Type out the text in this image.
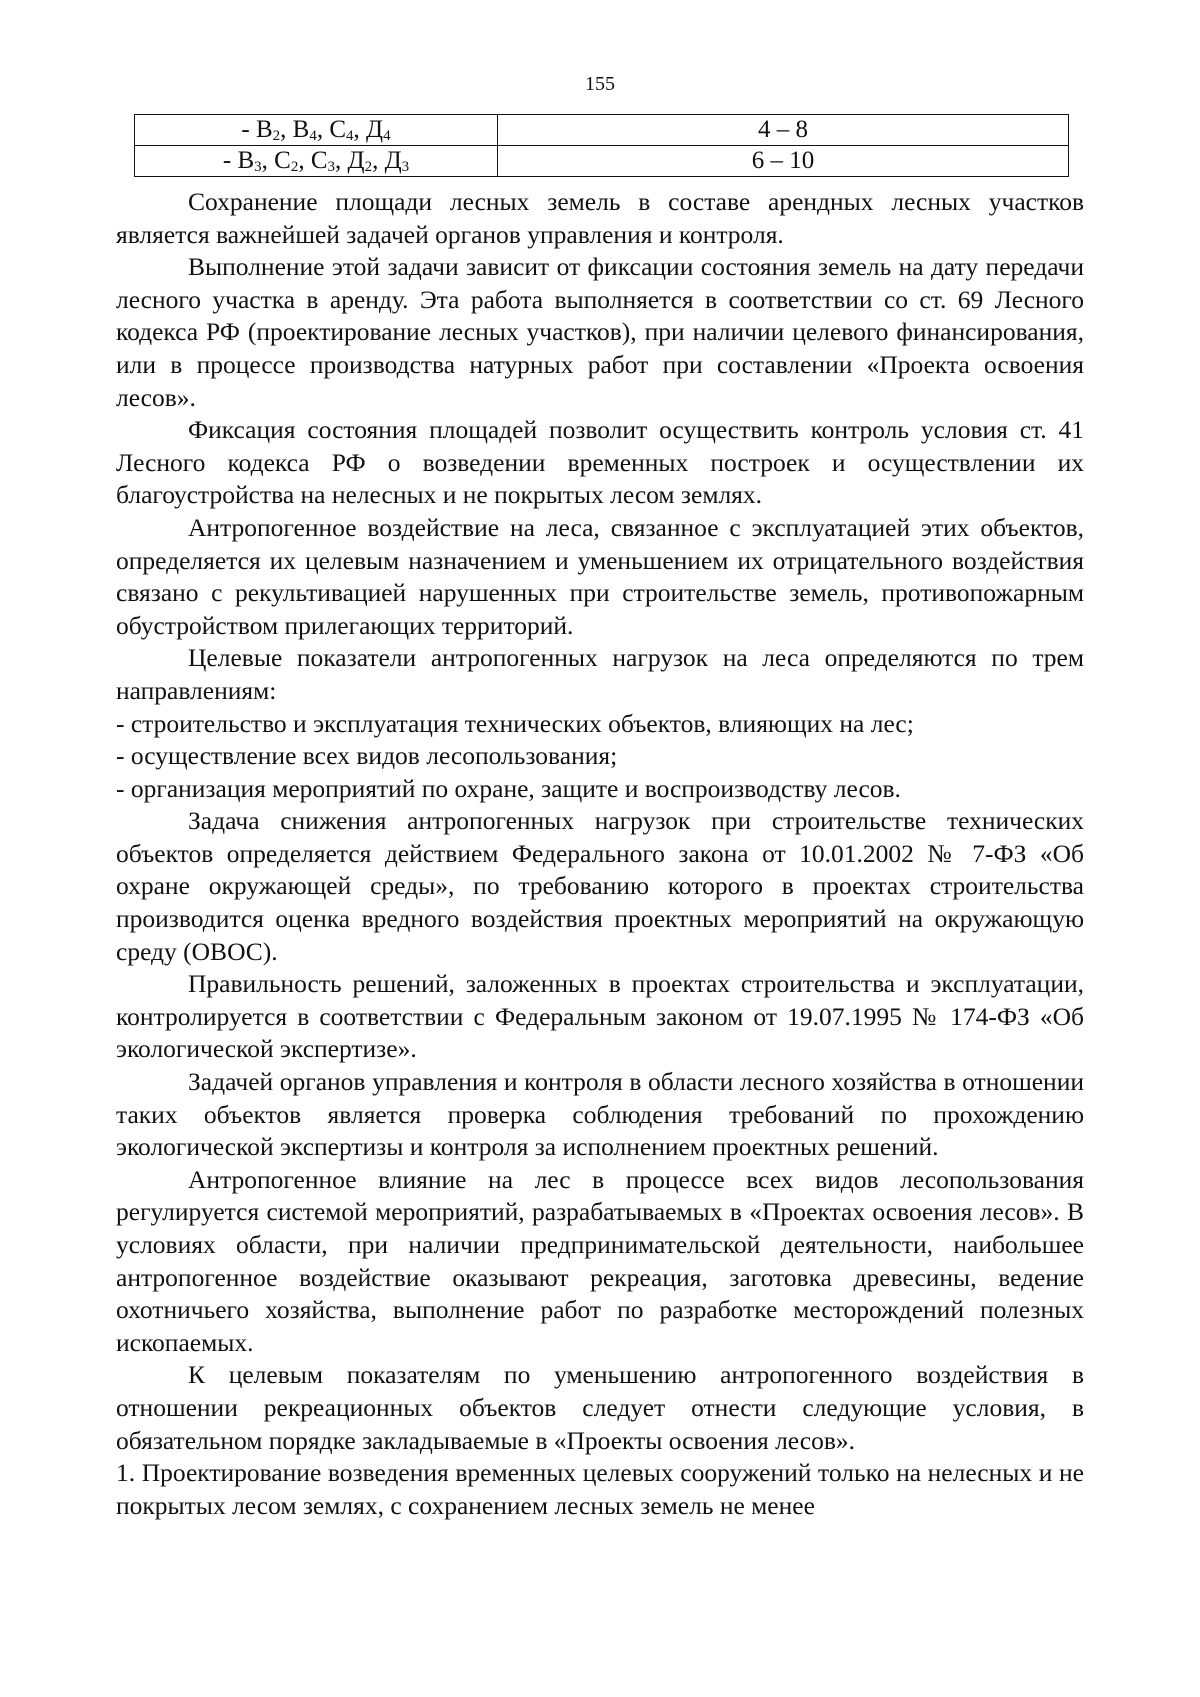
155
- $В_2$, $В_4$, $С_4$, $Д_4$	4 – 8
- $В_3$, $С_2$, $С_3$, $Д_2$, $Д_3$	6 – 10

Сохранение площади лесных земель в составе арендных лесных участков является важнейшей задачей органов управления и контроля.

Выполнение этой задачи зависит от фиксации состояния земель на дату передачи лесного участка в аренду. Эта работа выполняется в соответствии со ст. 69 Лесного кодекса РФ (проектирование лесных участков), при наличии целевого финансирования, или в процессе производства натурных работ при составлении «Проекта освоения лесов».

Фиксация состояния площадей позволит осуществить контроль условия ст. 41 Лесного кодекса РФ о возведении временных построек и осуществлении их благоустройства на нелесных и не покрытых лесом землях.

Антропогенное воздействие на леса, связанное с эксплуатацией этих объектов, определяется их целевым назначением и уменьшением их отрицательного воздействия связано с рекультивацией нарушенных при строительстве земель, противопожарным обустройством прилегающих территорий.

Целевые показатели антропогенных нагрузок на леса определяются по трем направлениям:

- строительство и эксплуатация технических объектов, влияющих на лес;

- осуществление всех видов лесопользования;

- организация мероприятий по охране, защите и воспроизводству лесов.

Задача снижения антропогенных нагрузок при строительстве технических объектов определяется действием Федерального закона от 10.01.2002 № 7-ФЗ «Об охране окружающей среды», по требованию которого в проектах строительства производится оценка вредного воздействия проектных мероприятий на окружающую среду (ОВОС).

Правильность решений, заложенных в проектах строительства и эксплуатации, контролируется в соответствии с Федеральным законом от 19.07.1995 № 174-ФЗ «Об экологической экспертизе».

Задачей органов управления и контроля в области лесного хозяйства в отношении таких объектов является проверка соблюдения требований по прохождению экологической экспертизы и контроля за исполнением проектных решений.

Антропогенное влияние на лес в процессе всех видов лесопользования регулируется системой мероприятий, разрабатываемых в «Проектах освоения лесов». В условиях области, при наличии предпринимательской деятельности, наибольшее антропогенное воздействие оказывают рекреация, заготовка древесины, ведение охотничьего хозяйства, выполнение работ по разработке месторождений полезных ископаемых.

К целевым показателям по уменьшению антропогенного воздействия в отношении рекреационных объектов следует отнести следующие условия, в обязательном порядке закладываемые в «Проекты освоения лесов».

1. Проектирование возведения временных целевых сооружений только на нелесных и не покрытых лесом землях, с сохранением лесных земель не менее
